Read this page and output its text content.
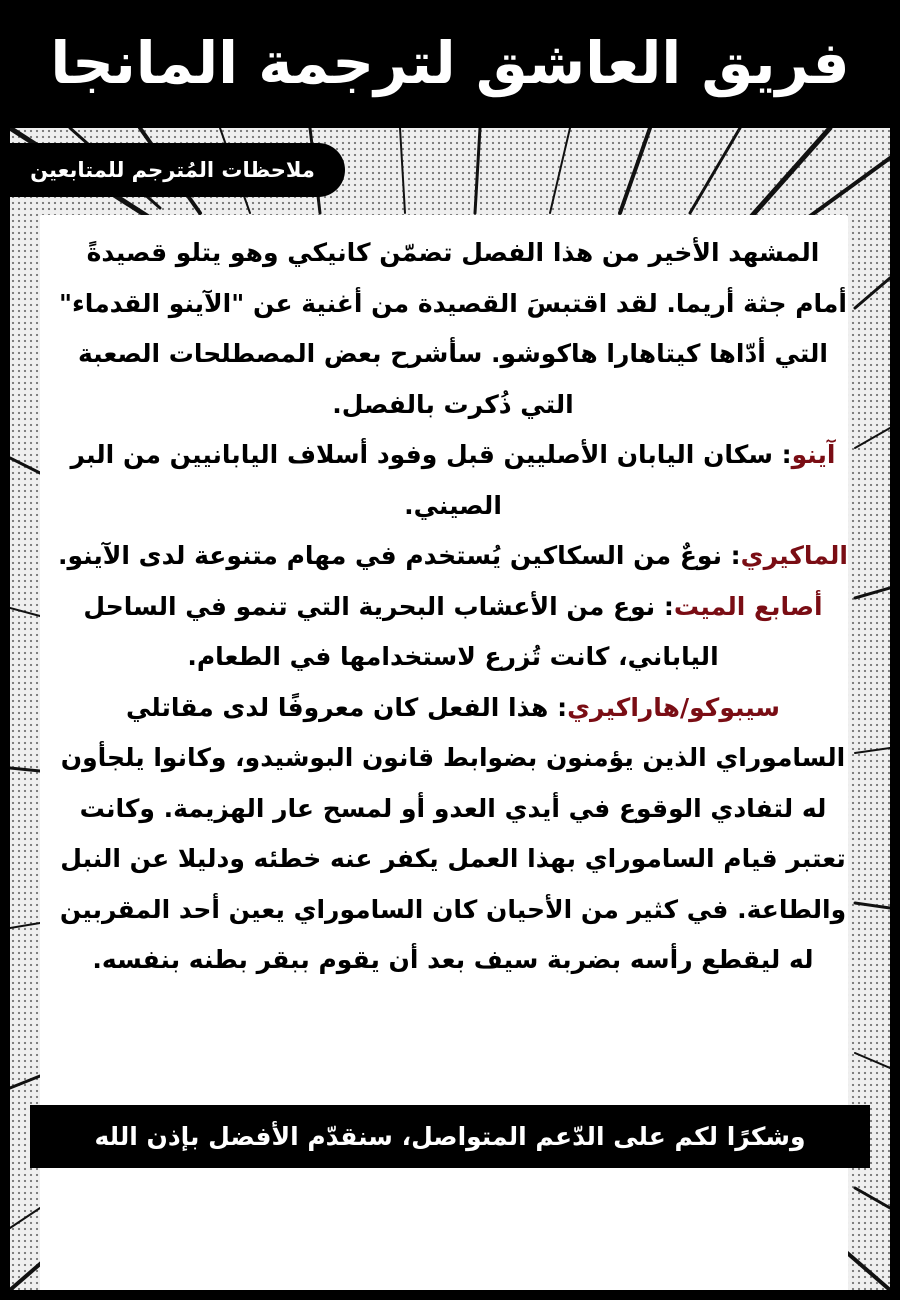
فريق العاشق لترجمة المانجا
ملاحظات المُترجم للمتابعين

المشهد الأخير من هذا الفصل تضمّن كانيكي وهو يتلو قصيدةً أمام جثة أريما. لقد اقتبسَ القصيدة من أغنية عن "الآينو القدماء" التي أدّاها كيتاهارا هاكوشو. سأشرح بعض المصطلحات الصعبة التي ذُكرت بالفصل.

آينو: سكان اليابان الأصليين قبل وفود أسلاف اليابانيين من البر الصيني.

الماكيري: نوعٌ من السكاكين يُستخدم في مهام متنوعة لدى الآينو.

أصابع الميت: نوع من الأعشاب البحرية التي تنمو في الساحل الياباني، كانت تُزرع لاستخدامها في الطعام.

سيبوكو/هاراكيري: هذا الفعل كان معروفًا لدى مقاتلي الساموراي الذين يؤمنون بضوابط قانون البوشيدو، وكانوا يلجأون له لتفادي الوقوع في أيدي العدو أو لمسح عار الهزيمة. وكانت تعتبر قيام الساموراي بهذا العمل يكفر عنه خطئه ودليلا عن النبل والطاعة. في كثير من الأحيان كان الساموراي يعين أحد المقربين له ليقطع رأسه بضربة سيف بعد أن يقوم ببقر بطنه بنفسه.

وشكرًا لكم على الدّعم المتواصل، سنقدّم الأفضل بإذن الله
